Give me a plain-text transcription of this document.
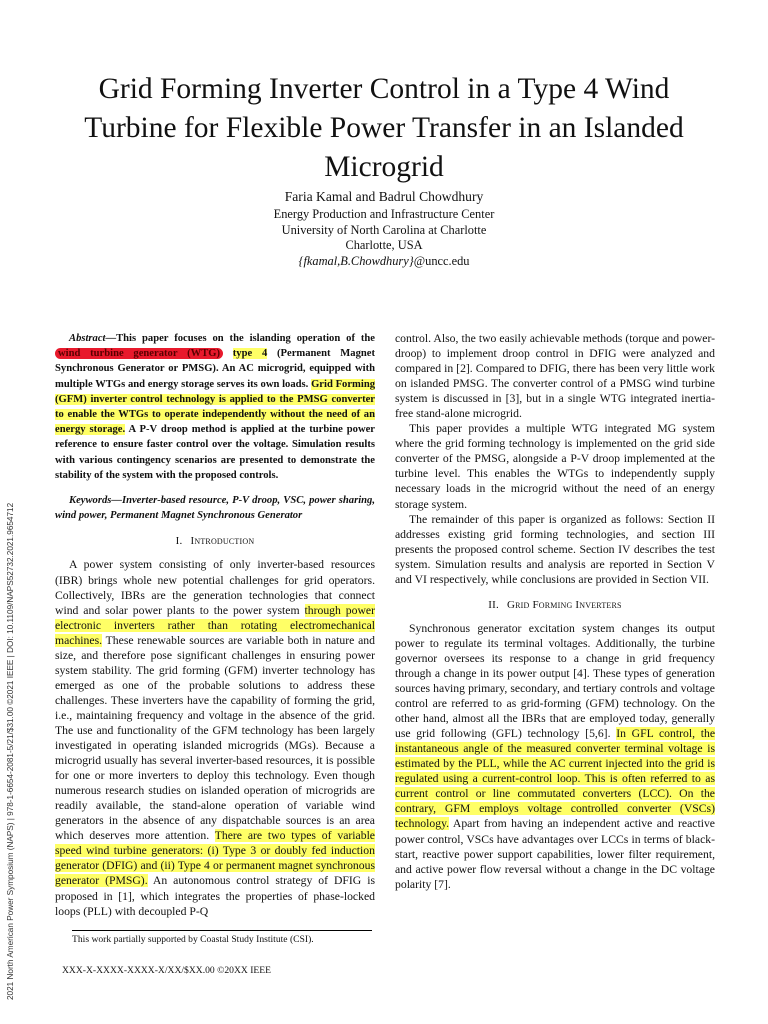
2021 North American Power Symposium (NAPS) | 978-1-6654-2081-5/21/$31.00 ©2021 IEEE | DOI: 10.1109/NAPS52732.2021.9654712
Grid Forming Inverter Control in a Type 4 Wind Turbine for Flexible Power Transfer in an Islanded Microgrid
Faria Kamal and Badrul Chowdhury
Energy Production and Infrastructure Center
University of North Carolina at Charlotte
Charlotte, USA
{fkamal,B.Chowdhury}@uncc.edu

Abstract—This paper focuses on the islanding operation of the wind turbine generator (WTG) type 4 (Permanent Magnet Synchronous Generator or PMSG). An AC microgrid, equipped with multiple WTGs and energy storage serves its own loads. Grid Forming (GFM) inverter control technology is applied to the PMSG converter to enable the WTGs to operate independently without the need of an energy storage. A P-V droop method is applied at the turbine power reference to ensure faster control over the voltage. Simulation results with various contingency scenarios are presented to demonstrate the stability of the system with the proposed controls.

Keywords—Inverter-based resource, P-V droop, VSC, power sharing, wind power, Permanent Magnet Synchronous Generator

I. Introduction

A power system consisting of only inverter-based resources (IBR) brings whole new potential challenges for grid operators. Collectively, IBRs are the generation technologies that connect wind and solar power plants to the power system through power electronic inverters rather than rotating electromechanical machines. These renewable sources are variable both in nature and size, and therefore pose significant challenges in ensuring power system stability. The grid forming (GFM) inverter technology has emerged as one of the probable solutions to address these challenges. These inverters have the capability of forming the grid, i.e., maintaining frequency and voltage in the absence of the grid. The use and functionality of the GFM technology has been largely investigated in operating islanded microgrids (MGs). Because a microgrid usually has several inverter-based resources, it is possible for one or more inverters to deploy this technology. Even though numerous research studies on islanded operation of microgrids are readily available, the stand-alone operation of variable wind generators in the absence of any dispatchable sources is an area which deserves more attention. There are two types of variable speed wind turbine generators: (i) Type 3 or doubly fed induction generator (DFIG) and (ii) Type 4 or permanent magnet synchronous generator (PMSG). An autonomous control strategy of DFIG is proposed in [1], which integrates the properties of phase-locked loops (PLL) with decoupled P-Q

control. Also, the two easily achievable methods (torque and power-droop) to implement droop control in DFIG were analyzed and compared in [2]. Compared to DFIG, there has been very little work on islanded PMSG. The converter control of a PMSG wind turbine system is discussed in [3], but in a single WTG integrated inertia-free stand-alone microgrid.

This paper provides a multiple WTG integrated MG system where the grid forming technology is implemented on the grid side converter of the PMSG, alongside a P-V droop implemented at the turbine level. This enables the WTGs to independently supply necessary loads in the microgrid without the need of an energy storage system.

The remainder of this paper is organized as follows: Section II addresses existing grid forming technologies, and section III presents the proposed control scheme. Section IV describes the test system. Simulation results and analysis are reported in Section V and VI respectively, while conclusions are provided in Section VII.

II. Grid Forming Inverters

Synchronous generator excitation system changes its output power to regulate its terminal voltages. Additionally, the turbine governor oversees its response to a change in grid frequency through a change in its power output [4]. These types of generation sources having primary, secondary, and tertiary controls and voltage control are referred to as grid-forming (GFM) technology. On the other hand, almost all the IBRs that are employed today, generally use grid following (GFL) technology [5,6]. In GFL control, the instantaneous angle of the measured converter terminal voltage is estimated by the PLL, while the AC current injected into the grid is regulated using a current-control loop. This is often referred to as current control or line commutated converters (LCC). On the contrary, GFM employs voltage controlled converter (VSCs) technology. Apart from having an independent active and reactive power control, VSCs have advantages over LCCs in terms of black-start, reactive power support capabilities, lower filter requirement, and active power flow reversal without a change in the DC voltage polarity [7].

This work partially supported by Coastal Study Institute (CSI).
XXX-X-XXXX-XXXX-X/XX/$XX.00 ©20XX IEEE
